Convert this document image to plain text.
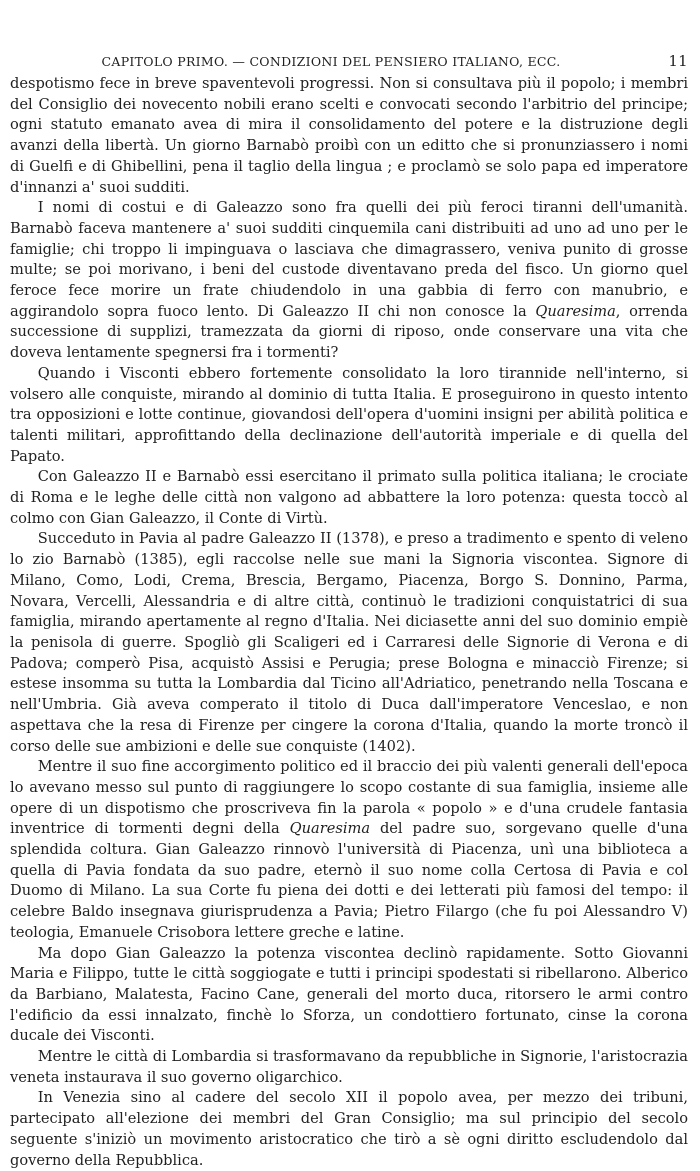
CAPITOLO PRIMO. — CONDIZIONI DEL PENSIERO ITALIANO, ECC.	11

despotismo fece in breve spaventevoli progressi. Non si consultava più il popolo; i membri del Consiglio dei novecento nobili erano scelti e convocati secondo l'arbitrio del principe; ogni statuto emanato avea di mira il consolidamento del potere e la distruzione degli avanzi della libertà. Un giorno Barnabò proibì con un editto che si pronunziassero i nomi di Guelfi e di Ghibellini, pena il taglio della lingua ; e proclamò se solo papa ed imperatore d'innanzi a' suoi sudditi.

I nomi di costui e di Galeazzo sono fra quelli dei più feroci tiranni dell'umanità. Barnabò faceva mantenere a' suoi sudditi cinquemila cani distribuiti ad uno ad uno per le famiglie; chi troppo li impinguava o lasciava che dimagrassero, veniva punito di grosse multe; se poi morivano, i beni del custode diventavano preda del fisco. Un giorno quel feroce fece morire un frate chiudendolo in una gabbia di ferro con manubrio, e aggirandolo sopra fuoco lento. Di Galeazzo II chi non conosce la Quaresima, orrenda successione di supplizi, tramezzata da giorni di riposo, onde conservare una vita che doveva lentamente spegnersi fra i tormenti?

Quando i Visconti ebbero fortemente consolidato la loro tirannide nell'interno, si volsero alle conquiste, mirando al dominio di tutta Italia. E proseguirono in questo intento tra opposizioni e lotte continue, giovandosi dell'opera d'uomini insigni per abilità politica e talenti militari, approfittando della declinazione dell'autorità imperiale e di quella del Papato.

Con Galeazzo II e Barnabò essi esercitano il primato sulla politica italiana; le crociate di Roma e le leghe delle città non valgono ad abbattere la loro potenza: questa toccò al colmo con Gian Galeazzo, il Conte di Virtù.

Succeduto in Pavia al padre Galeazzo II (1378), e preso a tradimento e spento di veleno lo zio Barnabò (1385), egli raccolse nelle sue mani la Signoria viscontea. Signore di Milano, Como, Lodi, Crema, Brescia, Bergamo, Piacenza, Borgo S. Donnino, Parma, Novara, Vercelli, Alessandria e di altre città, continuò le tradizioni conquistatrici di sua famiglia, mirando apertamente al regno d'Italia. Nei diciasette anni del suo dominio empiè la penisola di guerre. Spogliò gli Scaligeri ed i Carraresi delle Signorie di Verona e di Padova; comperò Pisa, acquistò Assisi e Perugia; prese Bologna e minacciò Firenze; si estese insomma su tutta la Lombardia dal Ticino all'Adriatico, penetrando nella Toscana e nell'Umbria. Già aveva comperato il titolo di Duca dall'imperatore Venceslao, e non aspettava che la resa di Firenze per cingere la corona d'Italia, quando la morte troncò il corso delle sue ambizioni e delle sue conquiste (1402).

Mentre il suo fine accorgimento politico ed il braccio dei più valenti generali dell'epoca lo avevano messo sul punto di raggiungere lo scopo costante di sua famiglia, insieme alle opere di un dispotismo che proscriveva fin la parola « popolo » e d'una crudele fantasia inventrice di tormenti degni della Quaresima del padre suo, sorgevano quelle d'una splendida coltura. Gian Galeazzo rinnovò l'università di Piacenza, unì una biblioteca a quella di Pavia fondata da suo padre, eternò il suo nome colla Certosa di Pavia e col Duomo di Milano. La sua Corte fu piena dei dotti e dei letterati più famosi del tempo: il celebre Baldo insegnava giurisprudenza a Pavia; Pietro Filargo (che fu poi Alessandro V) teologia, Emanuele Crisobora lettere greche e latine.

Ma dopo Gian Galeazzo la potenza viscontea declinò rapidamente. Sotto Giovanni Maria e Filippo, tutte le città soggiogate e tutti i principi spodestati si ribellarono. Alberico da Barbiano, Malatesta, Facino Cane, generali del morto duca, ritorsero le armi contro l'edificio da essi innalzato, finchè lo Sforza, un condottiero fortunato, cinse la corona ducale dei Visconti.

Mentre le città di Lombardia si trasformavano da repubbliche in Signorie, l'aristocrazia veneta instaurava il suo governo oligarchico.

In Venezia sino al cadere del secolo XII il popolo avea, per mezzo dei tribuni, partecipato all'elezione dei membri del Gran Consiglio; ma sul principio del secolo seguente s'iniziò un movimento aristocratico che tirò a sè ogni diritto escludendolo dal governo della Repubblica.
